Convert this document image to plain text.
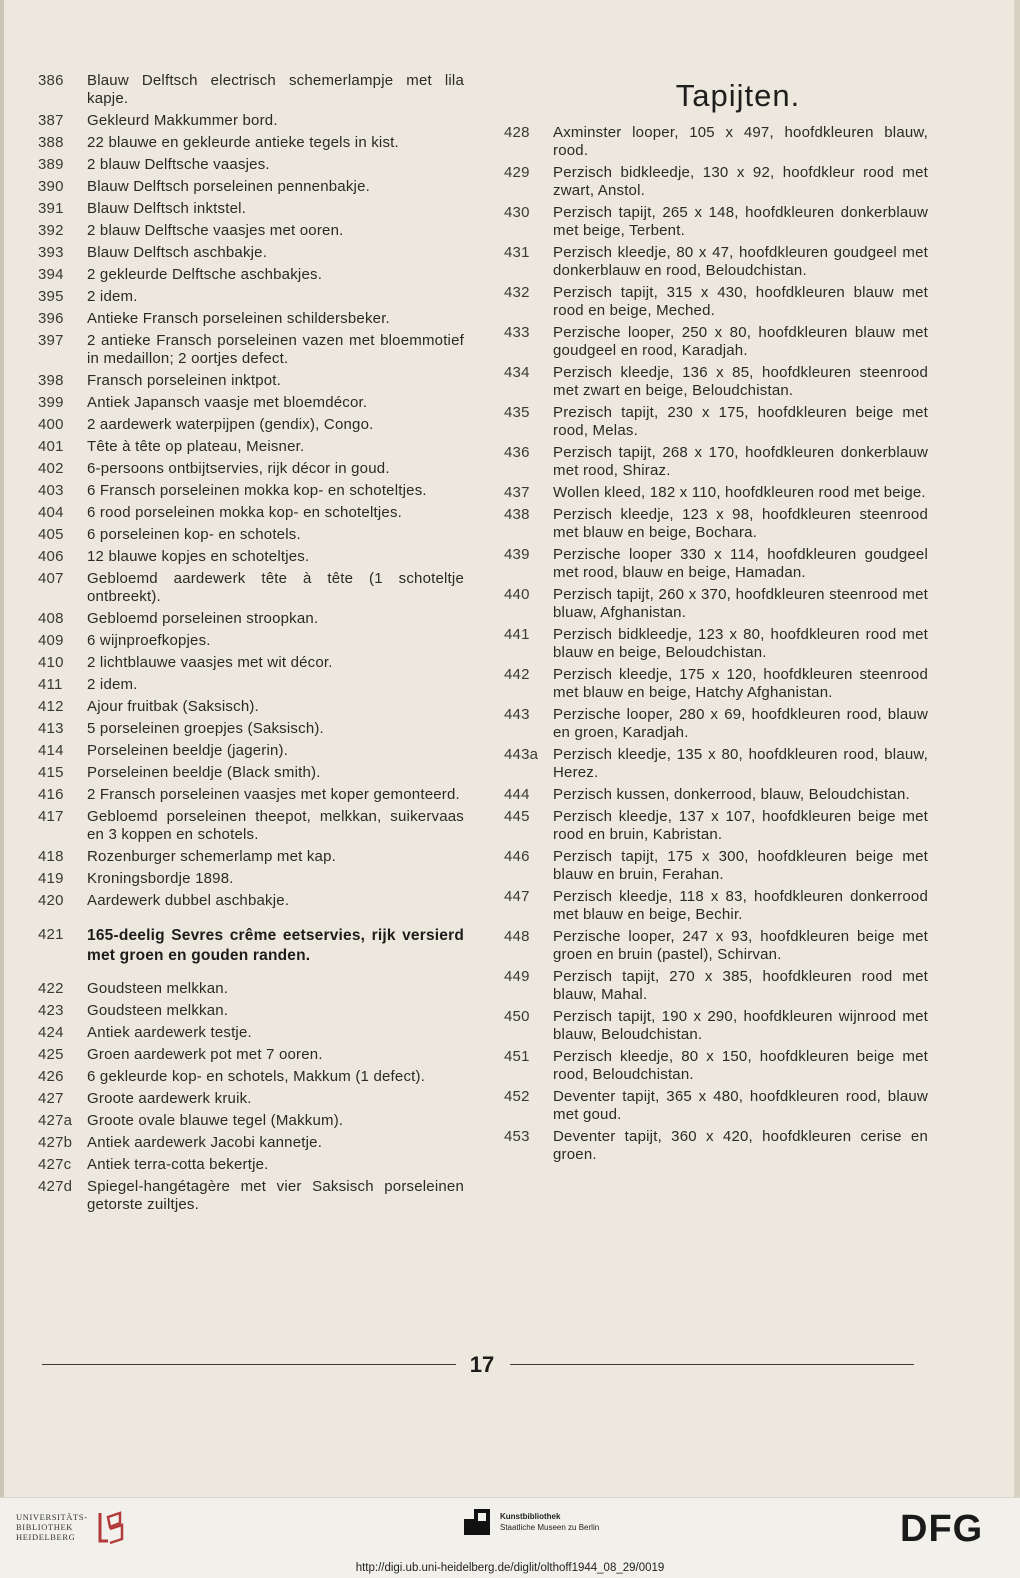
386	Blauw Delftsch electrisch schemerlampje met lila kapje.
387	Gekleurd Makkummer bord.
388	22 blauwe en gekleurde antieke tegels in kist.
389	2 blauw Delftsche vaasjes.
390	Blauw Delftsch porseleinen pennenbakje.
391	Blauw Delftsch inktstel.
392	2 blauw Delftsche vaasjes met ooren.
393	Blauw Delftsch aschbakje.
394	2 gekleurde Delftsche aschbakjes.
395	2 idem.
396	Antieke Fransch porseleinen schildersbeker.
397	2 antieke Fransch porseleinen vazen met bloemmotief in medaillon; 2 oortjes defect.
398	Fransch porseleinen inktpot.
399	Antiek Japansch vaasje met bloemdécor.
400	2 aardewerk waterpijpen (gendix), Congo.
401	Tête à tête op plateau, Meisner.
402	6-persoons ontbijtservies, rijk décor in goud.
403	6 Fransch porseleinen mokka kop- en schoteltjes.
404	6 rood porseleinen mokka kop- en schoteltjes.
405	6 porseleinen kop- en schotels.
406	12 blauwe kopjes en schoteltjes.
407	Gebloemd aardewerk tête à tête (1 schoteltje ontbreekt).
408	Gebloemd porseleinen stroopkan.
409	6 wijnproefkopjes.
410	2 lichtblauwe vaasjes met wit décor.
411	2 idem.
412	Ajour fruitbak (Saksisch).
413	5 porseleinen groepjes (Saksisch).
414	Porseleinen beeldje (jagerin).
415	Porseleinen beeldje (Black smith).
416	2 Fransch porseleinen vaasjes met koper gemonteerd.
417	Gebloemd porseleinen theepot, melkkan, suikervaas en 3 koppen en schotels.
418	Rozenburger schemerlamp met kap.
419	Kroningsbordje 1898.
420	Aardewerk dubbel aschbakje.
421	165-deelig Sevres crême eetservies, rijk versierd met groen en gouden randen.
422	Goudsteen melkkan.
423	Goudsteen melkkan.
424	Antiek aardewerk testje.
425	Groen aardewerk pot met 7 ooren.
426	6 gekleurde kop- en schotels, Makkum (1 defect).
427	Groote aardewerk kruik.
427a Groote ovale blauwe tegel (Makkum).
427b Antiek aardewerk Jacobi kannetje.
427c	Antiek terra-cotta bekertje.
427d Spiegel-hangétagère met vier Saksisch porseleinen getorste zuiltjes.
Tapijten.
428	Axminster looper, 105 x 497, hoofdkleuren blauw, rood.
429	Perzisch bidkleedje, 130 x 92, hoofdkleur rood met zwart, Anstol.
430	Perzisch tapijt, 265 x 148, hoofdkleuren donkerblauw met beige, Terbent.
431	Perzisch kleedje, 80 x 47, hoofdkleuren goudgeel met donkerblauw en rood, Beloudchistan.
432	Perzisch tapijt, 315 x 430, hoofdkleuren blauw met rood en beige, Meched.
433	Perzische looper, 250 x 80, hoofdkleuren blauw met goudgeel en rood, Karadjah.
434	Perzisch kleedje, 136 x 85, hoofdkleuren steenrood met zwart en beige, Beloudchistan.
435	Prezisch tapijt, 230 x 175, hoofdkleuren beige met rood, Melas.
436	Perzisch tapijt, 268 x 170, hoofdkleuren donkerblauw met rood, Shiraz.
437	Wollen kleed, 182 x 110, hoofdkleuren rood met beige.
438	Perzisch kleedje, 123 x 98, hoofdkleuren steenrood met blauw en beige, Bochara.
439	Perzische looper 330 x 114, hoofdkleuren goudgeel met rood, blauw en beige, Hamadan.
440	Perzisch tapijt, 260 x 370, hoofdkleuren steenrood met bluaw, Afghanistan.
441	Perzisch bidkleedje, 123 x 80, hoofdkleuren rood met blauw en beige, Beloudchistan.
442	Perzisch kleedje, 175 x 120, hoofdkleuren steenrood met blauw en beige, Hatchy Afghanistan.
443	Perzische looper, 280 x 69, hoofdkleuren rood, blauw en groen, Karadjah.
443a Perzisch kleedje, 135 x 80, hoofdkleuren rood, blauw, Herez.
444	Perzisch kussen, donkerrood, blauw, Beloudchistan.
445	Perzisch kleedje, 137 x 107, hoofdkleuren beige met rood en bruin, Kabristan.
446	Perzisch tapijt, 175 x 300, hoofdkleuren beige met blauw en bruin, Ferahan.
447	Perzisch kleedje, 118 x 83, hoofdkleuren donkerrood met blauw en beige, Bechir.
448	Perzische looper, 247 x 93, hoofdkleuren beige met groen en bruin (pastel), Schirvan.
449	Perzisch tapijt, 270 x 385, hoofdkleuren rood met blauw, Mahal.
450	Perzisch tapijt, 190 x 290, hoofdkleuren wijnrood met blauw, Beloudchistan.
451	Perzisch kleedje, 80 x 150, hoofdkleuren beige met rood, Beloudchistan.
452	Deventer tapijt, 365 x 480, hoofdkleuren rood, blauw met goud.
453	Deventer tapijt, 360 x 420, hoofdkleuren cerise en groen.
17
UNIVERSITÄTS-
BIBLIOTHEK
HEIDELBERG
Kunstbibliothek
Staatliche Museen zu Berlin	DFG
http://digi.ub.uni-heidelberg.de/diglit/olthoff1944_08_29/0019
